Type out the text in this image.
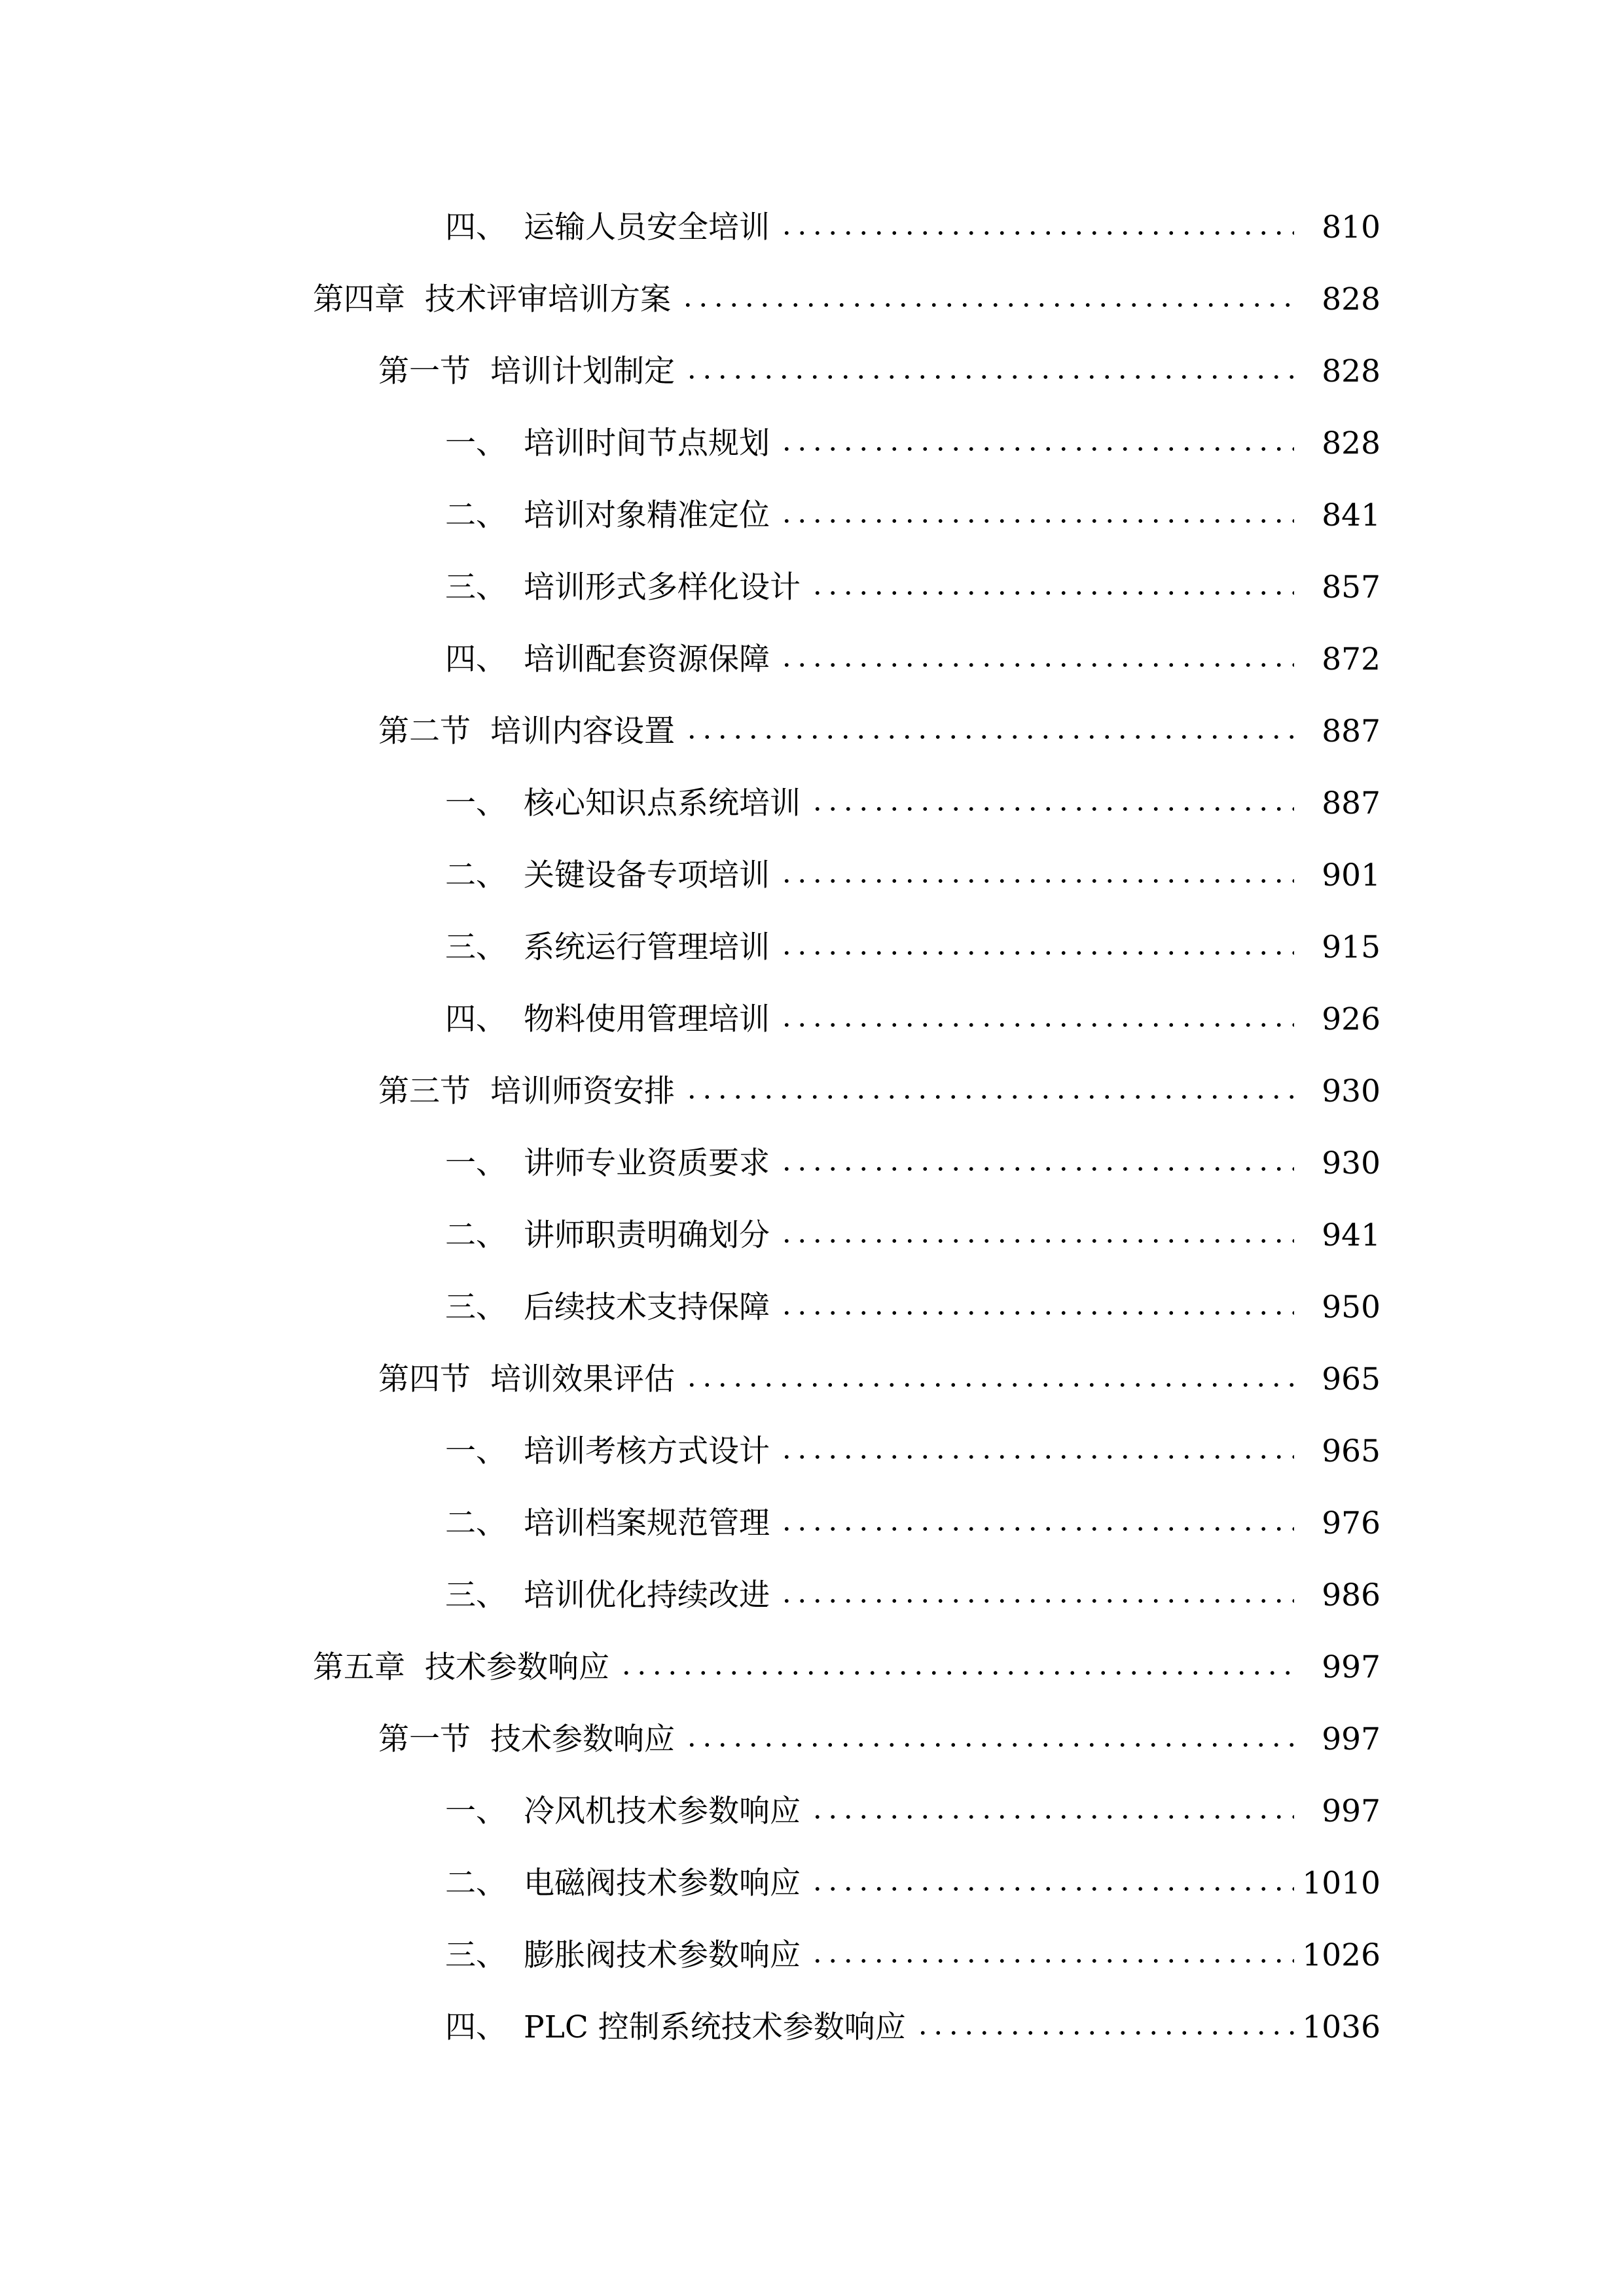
四、 运输人员安全培训	810
第四章 技术评审培训方案	828
第一节 培训计划制定	828
一、 培训时间节点规划	828
二、 培训对象精准定位	841
三、 培训形式多样化设计	857
四、 培训配套资源保障	872
第二节 培训内容设置	887
一、 核心知识点系统培训	887
二、 关键设备专项培训	901
三、 系统运行管理培训	915
四、 物料使用管理培训	926
第三节 培训师资安排	930
一、 讲师专业资质要求	930
二、 讲师职责明确划分	941
三、 后续技术支持保障	950
第四节 培训效果评估	965
一、 培训考核方式设计	965
二、 培训档案规范管理	976
三、 培训优化持续改进	986
第五章 技术参数响应	997
第一节 技术参数响应	997
一、 冷风机技术参数响应	997
二、 电磁阀技术参数响应	1010
三、 膨胀阀技术参数响应	1026
四、 PLC 控制系统技术参数响应	1036
